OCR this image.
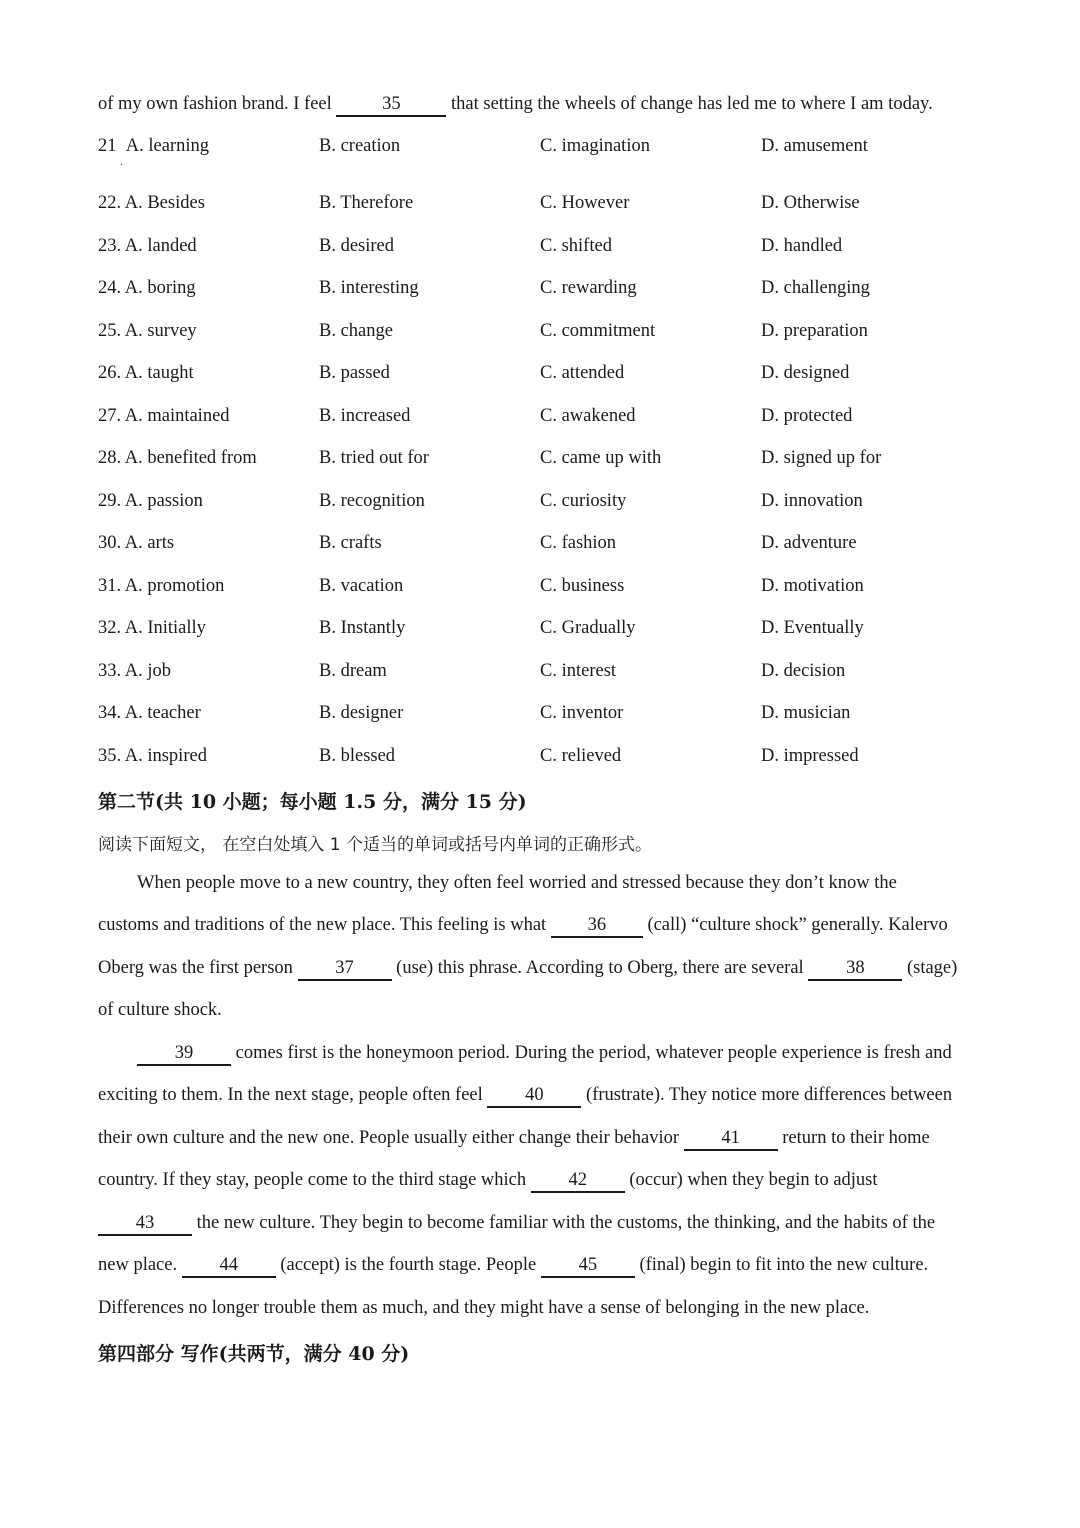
of my own fashion brand. I feel	35	that setting the wheels of change has led me to where I am today.
·
21 A. learning	B. creation	C. imagination	D. amusement
22. A. Besides	B. Therefore	C. However	D. Otherwise
23. A. landed	B. desired	C. shifted	D. handled
24. A. boring	B. interesting	C. rewarding	D. challenging
25. A. survey	B. change	C. commitment	D. preparation
26. A. taught	B. passed	C. attended	D. designed
27. A. maintained	B. increased	C. awakened	D. protected
28. A. benefited from	B. tried out for	C. came up with	D. signed up for
29. A. passion	B. recognition	C. curiosity	D. innovation
30. A. arts	B. crafts	C. fashion	D. adventure
31. A. promotion	B. vacation	C. business	D. motivation
32. A. Initially	B. Instantly	C. Gradually	D. Eventually
33. A. job	B. dream	C. interest	D. decision
34. A. teacher	B. designer	C. inventor	D. musician
35. A. inspired	B. blessed	C. relieved	D. impressed
第二节(共 10 小题；每小题 1.5 分，满分 15 分)
阅读下面短文， 在空白处填入 1 个适当的单词或括号内单词的正确形式。
When people move to a new country, they often feel worried and stressed because they don’t know the
customs and traditions of the new place. This feeling is what 36 (call) “culture shock” generally. Kalervo
Oberg was the first person 37 (use) this phrase. According to Oberg, there are several 38 (stage)
of culture shock.
39 comes first is the honeymoon period. During the period, whatever people experience is fresh and
exciting to them. In the next stage, people often feel 40 (frustrate). They notice more differences between
their own culture and the new one. People usually either change their behavior 41 return to their home
country. If they stay, people come to the third stage which 42 (occur) when they begin to adjust
43 the new culture. They begin to become familiar with the customs, the thinking, and the habits of the
new place. 44 (accept) is the fourth stage. People 45 (final) begin to fit into the new culture.
Differences no longer trouble them as much, and they might have a sense of belonging in the new place.
第四部分 写作(共两节，满分 40 分)
